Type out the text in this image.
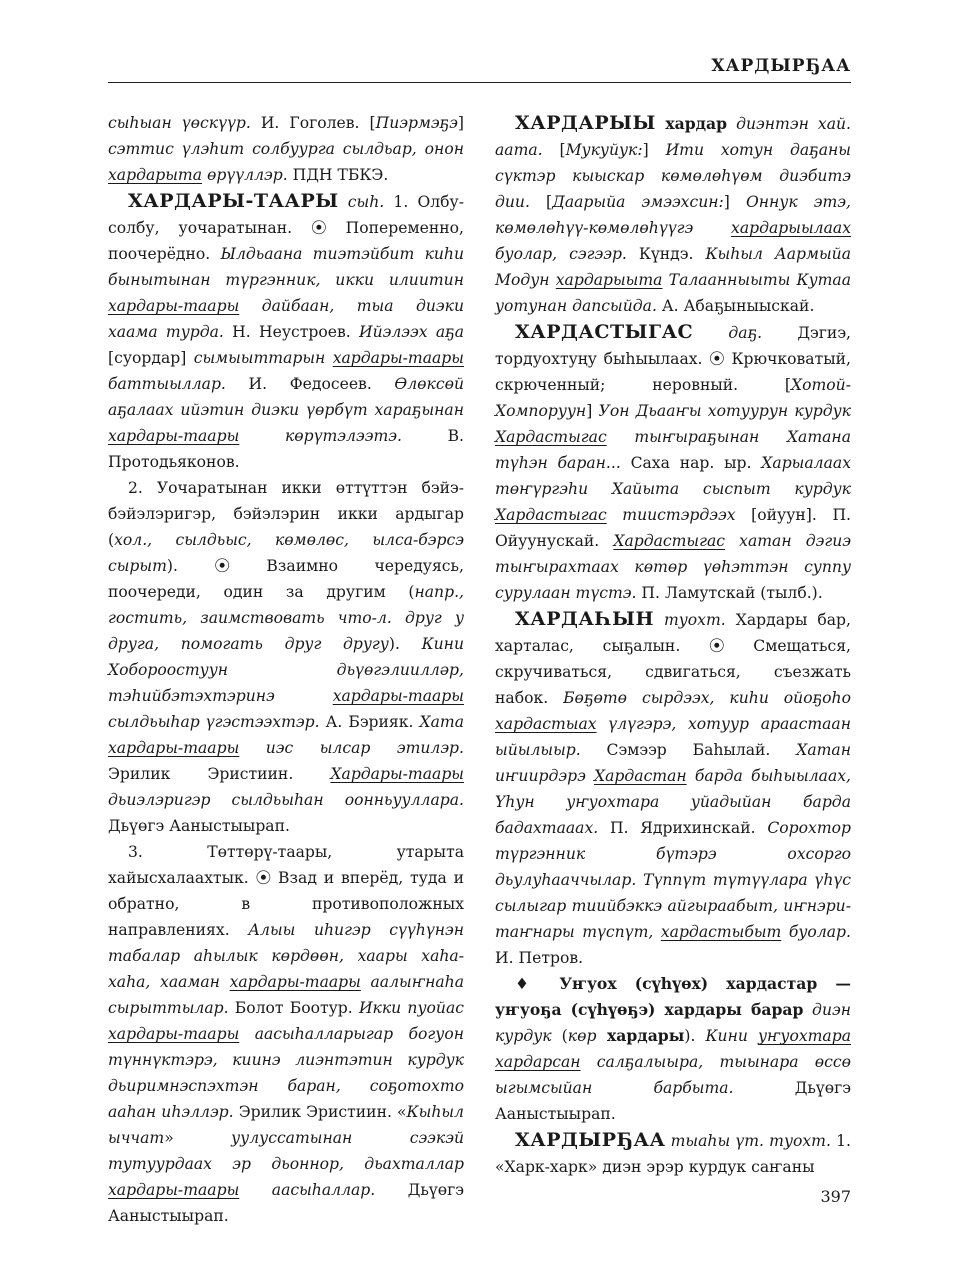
ХАРДЫРҔАА

сыһыан үөскүүр. И. Гоголев. [Пиэрмэҕэ] сэттис үлэһит солбуурга сылдьар, онон хардарыта өрүүллэр. ПДН ТБКЭ.

ХАРДАРЫ-ТААРЫ сыһ. 1. Олбу-солбу, уочаратынан. ⦿ Попеременно, поочерёдно. Ылдьаана тиэтэйбит киһи бынытынан түргэнник, икки илиитин хардары-таары дайбаан, тыа диэки хаама турда. Н. Неустроев. Ийэлээх аҕа [суордар] сымыыттарын хардары-таары баттыыллар. И. Федосеев. Өлөксөй аҕалаах ийэтин диэки үөрбүт хараҕынан хардары-таары көрүтэлээтэ. В. Протодьяконов.

2. Уочаратынан икки өттүттэн бэйэ-бэйэлэригэр, бэйэлэрин икки ардыгар (хол., сылдьыс, көмөлөс, ылса-бэрсэ сырыт). ⦿ Взаимно чередуясь, поочереди, один за другим (напр., гостить, заимствовать что-л. друг у друга, помогать друг другу). Кини Хобороостуун дьүөгэлиилләр, тэһийбэтэхтэринэ хардары-таары сылдьыһар үгэстээхтэр. А. Бэрияк. Хата хардары-таары иэс ылсар этилэр. Эрилик Эристиин. Хардары-таары дьиэлэригэр сылдьыһан оонньууллара. Дьүөгэ Ааныстыырап.

3. Төттөрү-таары, утарыта хайысхалаахтык. ⦿ Взад и вперёд, туда и обратно, в противоположных направлениях. Алыы иһигэр сүүһүнэн табалар аһылык көрдөөн, хаары хаһа-хаһа, хааман хардары-таары аалыҥнаһа сырыттылар. Болот Боотур. Икки пуойас хардары-таары аасыһалларыгар богуон түннүктэрэ, киинэ лиэнтэтин курдук дьиримнэспэхтэн баран, соҕотохто ааһан иһэллэр. Эрилик Эристиин. «Кыһыл ыччат» уулуссатынан сээкэй тутуурдаах эр дьоннор, дьахталлар хардары-таары аасыһаллар. Дьүөгэ Ааныстыырап.

ХАРДАРЫЫ хардар диэнтэн хай. аата. [Мукуйук:] Ити хотун даҕаны сүктэр кыыскар көмөлөһүөм диэбитэ дии. [Даарыйа эмээхсин:] Оннук этэ, көмөлөһүү-көмөлөһүүгэ хардарыылаах буолар, сэгээр. Күндэ. Кыһыл Аармыйа Модун хардарыыта Талаанныыты Кутаа уотунан дапсыйда. А. Абаҕыныыскай.

ХАРДАСТЫГАС даҕ. Дэгиэ, тордуохтуңу быһыылаах. ⦿ Крючковатый, скрюченный; неровный. [Хотой-Хомпоруун] Уон Дьааҥы хотуурун курдук Хардастыгас тыҥыраҕынан Хатана түһэн баран... Саха нар. ыр. Харыалаах төҥүргэһи Хайыта сыспыт курдук Хардастыгас тиистэрдээх [ойуун]. П. Ойуунускай. Хардастыгас хатан дэгиэ тыҥырахтаах көтөр үөһэттэн суппу сурулаан түстэ. П. Ламутскай (тылб.).

ХАРДАҺЫН туохт. Хардары бар, харталас, сыҕалын. ⦿ Смещаться, скручиваться, сдвигаться, съезжать набок. Бөҕөтө сырдээх, киһи ойоҕоһо хардастыах үлүгэрэ, хотуур араастаан ыйылыыр. Сэмээр Баһылай. Хатан иҥиирдэрэ Хардастан барда быһыылаах, Үһун уҥуохтара уйадыйан барда бадахтааах. П. Ядрихинскай. Сорохтор түргэнник бүтэрэ охсорго дьулуһааччылар. Түппүт түтүүлара үһүс сылыгар тиийбэккэ айгыраабыт, иҥнэри-таҥнары түспүт, хардастыбыт буолар. И. Петров.

♦ Уҥуох (сүһүөх) хардастар — уҥуоҕа (сүһүөҕэ) хардары барар диэн курдук (көр хардары). Кини уҥуохтара хардарсан салҕалыыра, тыынара өссө ыгымсыйан барбыта. Дьүөгэ Ааныстыырап.

ХАРДЫРҔАА тыаһы үт. туохт. 1. «Харк-харк» диэн эрэр курдук саҥаны

397
